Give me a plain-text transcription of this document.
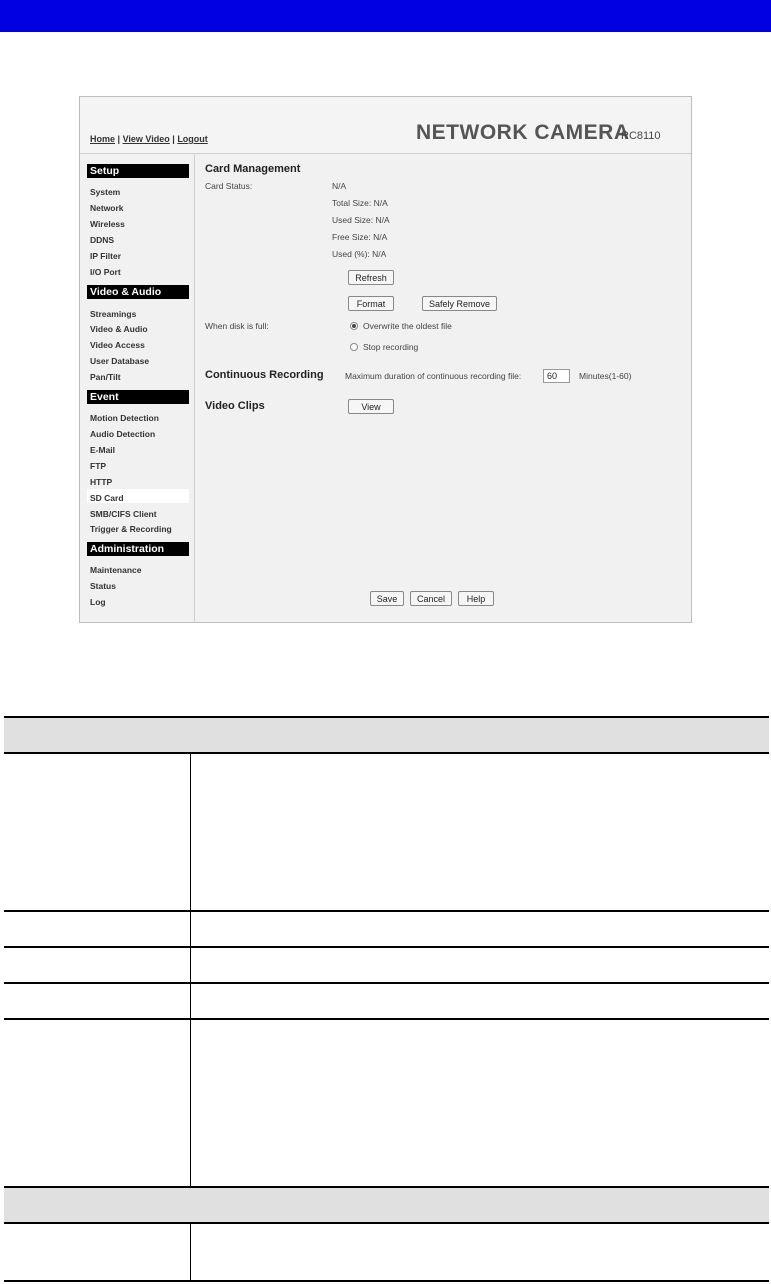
Home | View Video | Logout	NETWORK CAMERA
RC8110
Setup
System
Network
Wireless
DDNS
IP Filter
I/O Port
Video & Audio
Streamings
Video & Audio
Video Access
User Database
Pan/Tilt
Event
Motion Detection
Audio Detection
E-Mail
FTP
HTTP
SD Card
SMB/CIFS Client
Trigger & Recording
Administration
Maintenance
Status
Log
Card Management
Card Status:	N/A
Total Size: N/A
Used Size: N/A
Free Size: N/A
Used (%): N/A
Refresh
Format	Safely Remove
When disk is full:	Overwrite the oldest file
Stop recording
Continuous Recording	Maximum duration of continuous recording file:	60	Minutes(1-60)
Video Clips	View
Save	Cancel	Help
